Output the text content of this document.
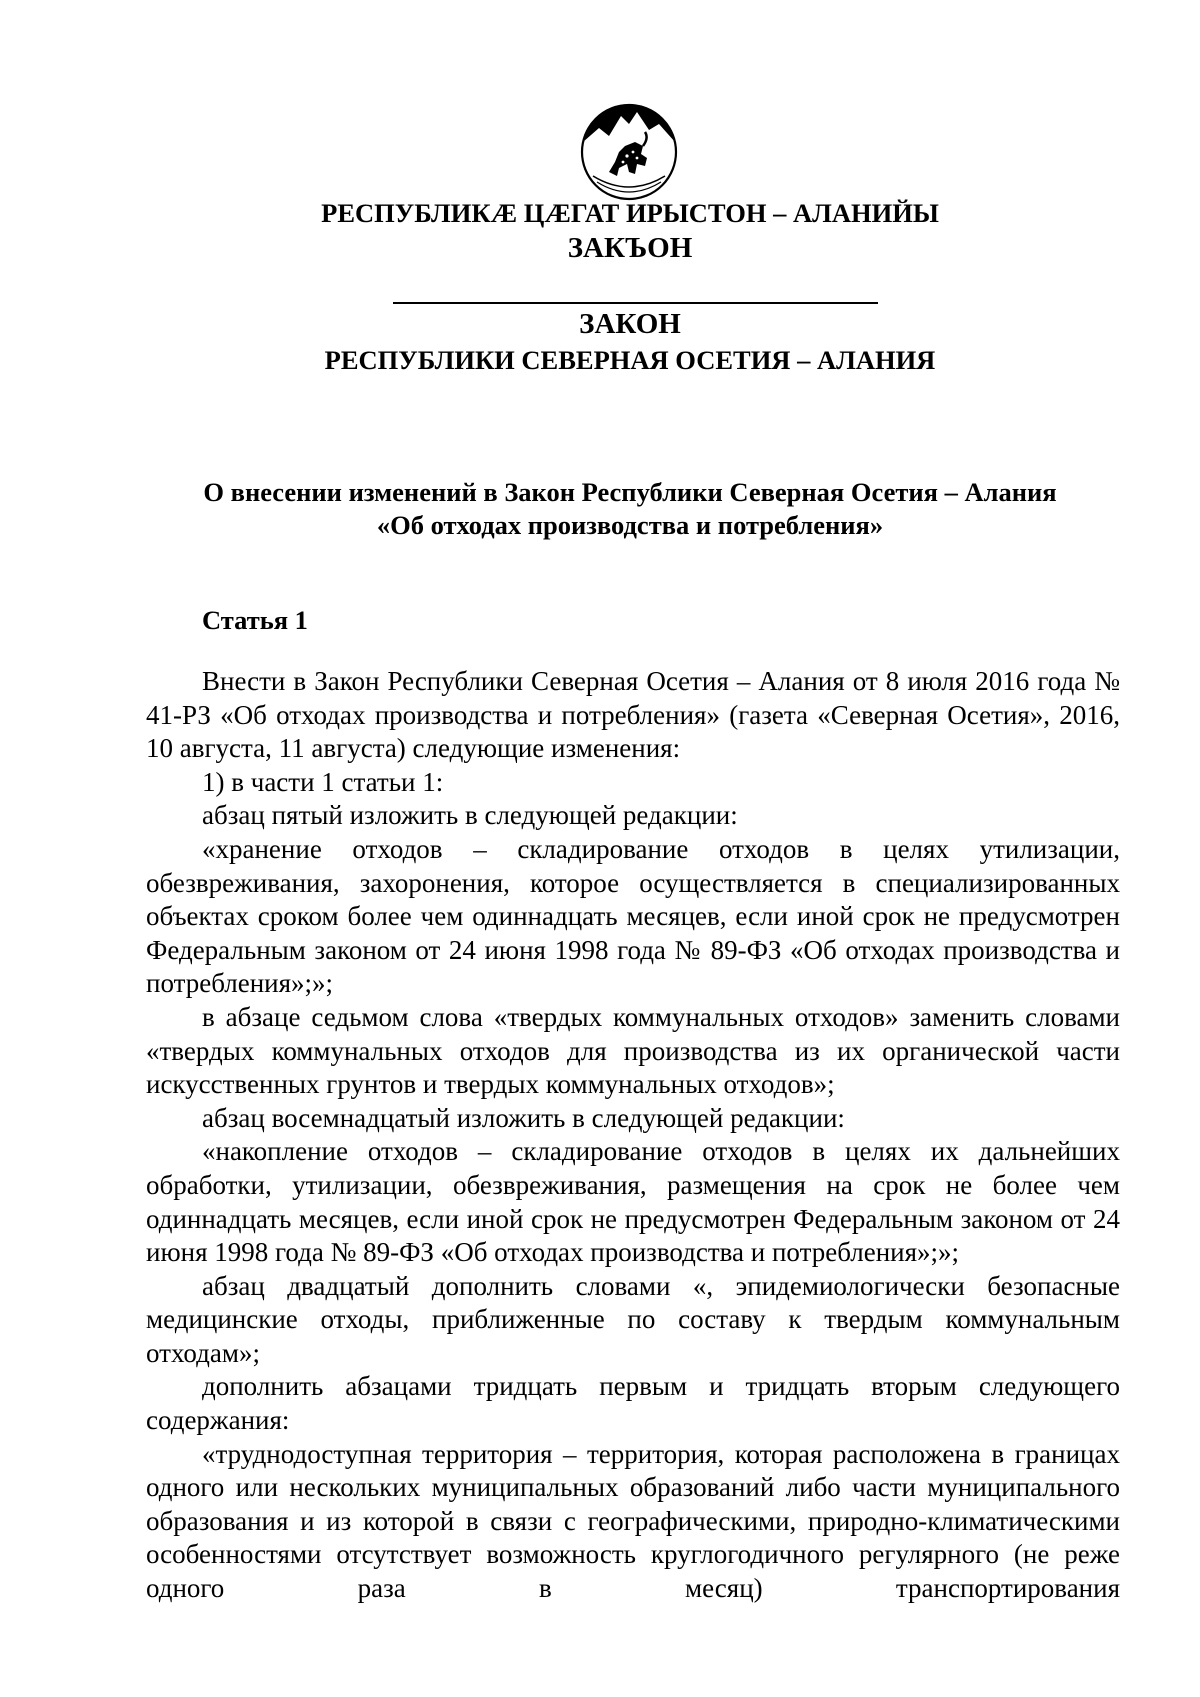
РЕСПУБЛИКÆ ЦÆГАТ ИРЫСТОН – АЛАНИЙЫ
ЗАКЪОН
ЗАКОН
РЕСПУБЛИКИ СЕВЕРНАЯ ОСЕТИЯ – АЛАНИЯ
О внесении изменений в Закон Республики Северная Осетия – Алания
«Об отходах производства и потребления»
Статья 1

Внести в Закон Республики Северная Осетия – Алания от 8 июля 2016 года № 41-РЗ «Об отходах производства и потребления» (газета «Северная Осетия», 2016, 10 августа, 11 августа) следующие изменения:

1) в части 1 статьи 1:

абзац пятый изложить в следующей редакции:

«хранение отходов – складирование отходов в целях утилизации, обезвреживания, захоронения, которое осуществляется в специализированных объектах сроком более чем одиннадцать месяцев, если иной срок не предусмотрен Федеральным законом от 24 июня 1998 года № 89-ФЗ «Об отходах производства и потребления»;»;

в абзаце седьмом слова «твердых коммунальных отходов» заменить словами «твердых коммунальных отходов для производства из их органической части искусственных грунтов и твердых коммунальных отходов»;

абзац восемнадцатый изложить в следующей редакции:

«накопление отходов – складирование отходов в целях их дальнейших обработки, утилизации, обезвреживания, размещения на срок не более чем одиннадцать месяцев, если иной срок не предусмотрен Федеральным законом от 24 июня 1998 года № 89-ФЗ «Об отходах производства и потребления»;»;

абзац двадцатый дополнить словами «, эпидемиологически безопасные медицинские отходы, приближенные по составу к твердым коммунальным отходам»;

дополнить абзацами тридцать первым и тридцать вторым следующего содержания:

«труднодоступная территория – территория, которая расположена в границах одного или нескольких муниципальных образований либо части муниципального образования и из которой в связи с географическими, природно-климатическими особенностями отсутствует возможность круглогодичного регулярного (не реже одного раза в месяц) транспортирования
